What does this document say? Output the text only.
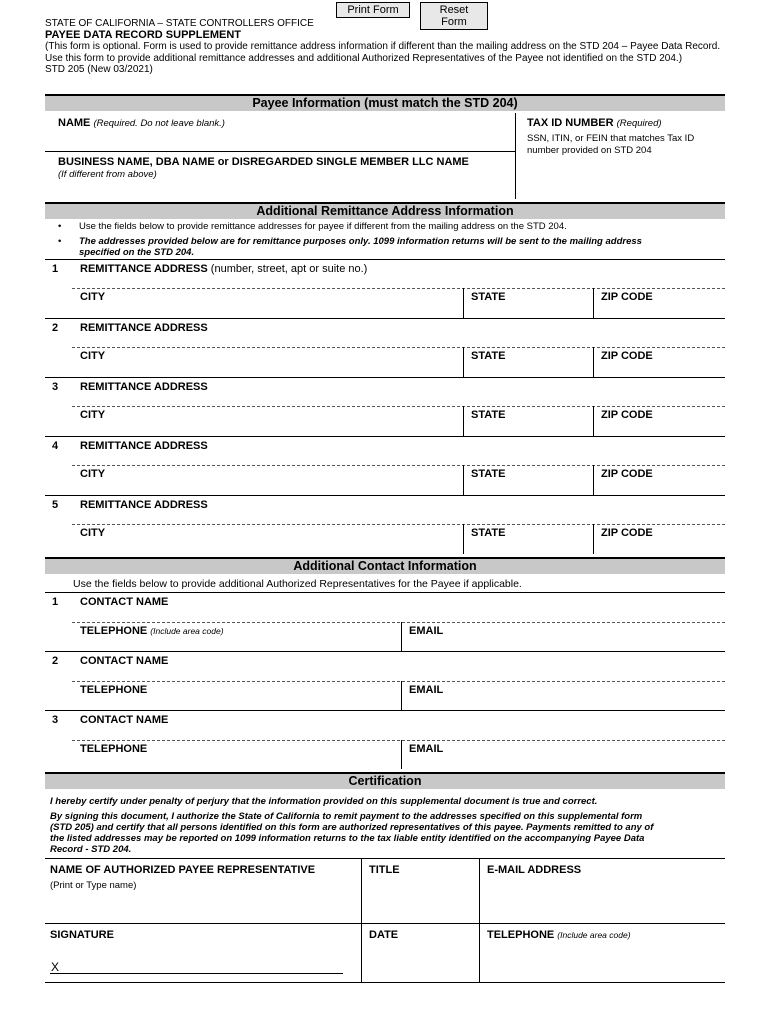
Print Form	Reset Form
STATE OF CALIFORNIA – STATE CONTROLLERS OFFICE
PAYEE DATA RECORD SUPPLEMENT
(This form is optional. Form is used to provide remittance address information if different than the mailing address on the STD 204 – Payee Data Record.
Use this form to provide additional remittance addresses and additional Authorized Representatives of the Payee not identified on the STD 204.)
STD 205 (New 03/2021)
Payee Information (must match the STD 204)
NAME (Required. Do not leave blank.)	TAX ID NUMBER (Required)
SSN, ITIN, or FEIN that matches Tax ID
number provided on STD 204
BUSINESS NAME, DBA NAME or DISREGARDED SINGLE MEMBER LLC NAME
(If different from above)
Additional Remittance Address Information
• Use the fields below to provide remittance addresses for payee if different from the mailing address on the STD 204.
• The addresses provided below are for remittance purposes only. 1099 information returns will be sent to the mailing address
specified on the STD 204.
1 REMITTANCE ADDRESS (number, street, apt or suite no.)
CITY	STATE	ZIP CODE
2 REMITTANCE ADDRESS
CITY	STATE	ZIP CODE
3 REMITTANCE ADDRESS
CITY	STATE	ZIP CODE
4 REMITTANCE ADDRESS
CITY	STATE	ZIP CODE
5 REMITTANCE ADDRESS
CITY	STATE	ZIP CODE
Additional Contact Information
Use the fields below to provide additional Authorized Representatives for the Payee if applicable.
1 CONTACT NAME
TELEPHONE (Include area code)	EMAIL
2 CONTACT NAME
TELEPHONE	EMAIL
3 CONTACT NAME
TELEPHONE	EMAIL
Certification
I hereby certify under penalty of perjury that the information provided on this supplemental document is true and correct.
By signing this document, I authorize the State of California to remit payment to the addresses specified on this supplemental form
(STD 205) and certify that all persons identified on this form are authorized representatives of this payee. Payments remitted to any of
the listed addresses may be reported on 1099 information returns to the tax liable entity identified on the accompanying Payee Data
Record - STD 204.
NAME OF AUTHORIZED PAYEE REPRESENTATIVE
(Print or Type name)
TITLE	E-MAIL ADDRESS
SIGNATURE	DATE	TELEPHONE (Include area code)
X
